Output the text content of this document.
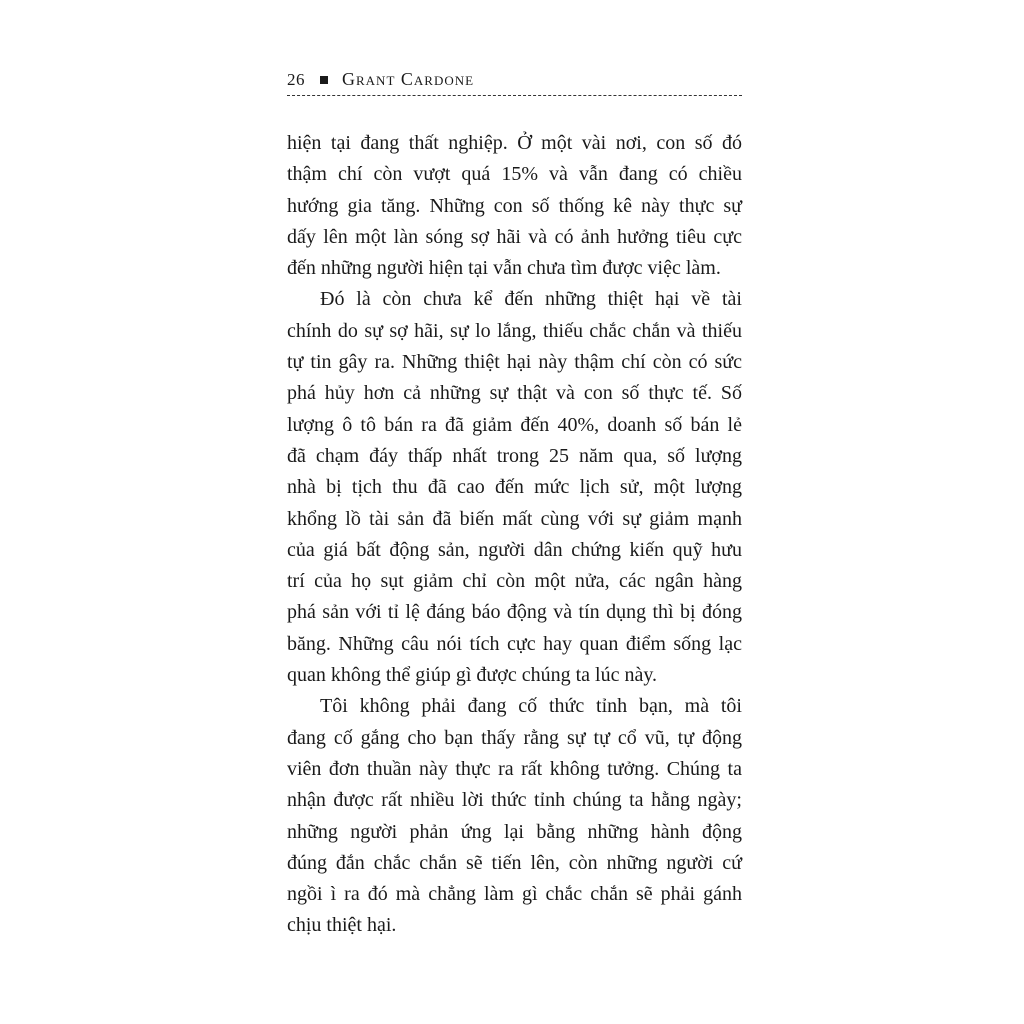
26 Grant Cardone

hiện tại đang thất nghiệp. Ở một vài nơi, con số đó
thậm chí còn vượt quá 15% và vẫn đang có chiều
hướng gia tăng. Những con số thống kê này thực sự
dấy lên một làn sóng sợ hãi và có ảnh hưởng tiêu cực
đến những người hiện tại vẫn chưa tìm được việc làm.

Đó là còn chưa kể đến những thiệt hại về tài
chính do sự sợ hãi, sự lo lắng, thiếu chắc chắn và thiếu
tự tin gây ra. Những thiệt hại này thậm chí còn có sức
phá hủy hơn cả những sự thật và con số thực tế. Số
lượng ô tô bán ra đã giảm đến 40%, doanh số bán lẻ
đã chạm đáy thấp nhất trong 25 năm qua, số lượng
nhà bị tịch thu đã cao đến mức lịch sử, một lượng
khổng lồ tài sản đã biến mất cùng với sự giảm mạnh
của giá bất động sản, người dân chứng kiến quỹ hưu
trí của họ sụt giảm chỉ còn một nửa, các ngân hàng
phá sản với tỉ lệ đáng báo động và tín dụng thì bị đóng
băng. Những câu nói tích cực hay quan điểm sống lạc
quan không thể giúp gì được chúng ta lúc này.

Tôi không phải đang cố thức tỉnh bạn, mà tôi
đang cố gắng cho bạn thấy rằng sự tự cổ vũ, tự động
viên đơn thuần này thực ra rất không tưởng. Chúng ta
nhận được rất nhiều lời thức tỉnh chúng ta hằng ngày;
những người phản ứng lại bằng những hành động
đúng đắn chắc chắn sẽ tiến lên, còn những người cứ
ngồi ì ra đó mà chẳng làm gì chắc chắn sẽ phải gánh
chịu thiệt hại.
